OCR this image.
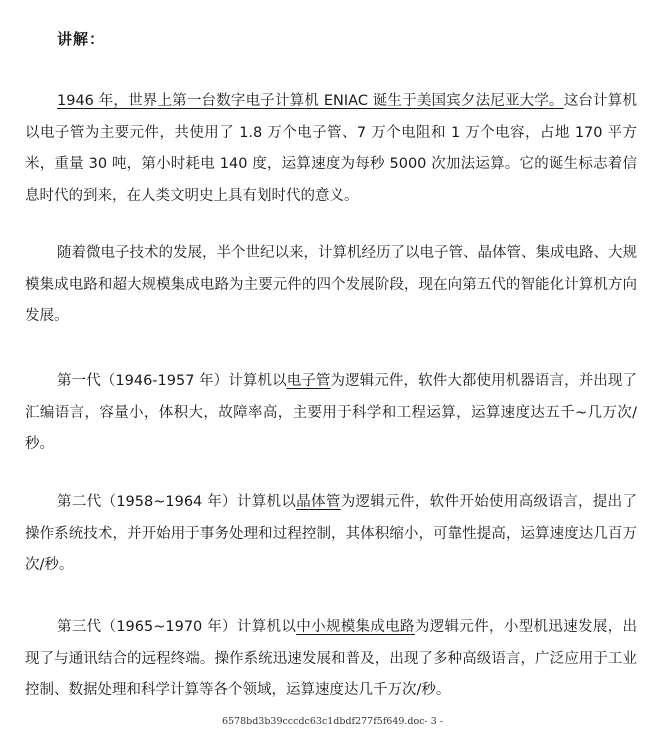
讲解：

1946 年，世界上第一台数字电子计算机 ENIAC 诞生于美国宾夕法尼亚大学。这台计算机以电子管为主要元件，共使用了 1.8 万个电子管、7 万个电阻和 1 万个电容，占地 170 平方米，重量 30 吨，第小时耗电 140 度，运算速度为每秒 5000 次加法运算。它的诞生标志着信息时代的到来，在人类文明史上具有划时代的意义。

随着微电子技术的发展，半个世纪以来，计算机经历了以电子管、晶体管、集成电路、大规模集成电路和超大规模集成电路为主要元件的四个发展阶段，现在向第五代的智能化计算机方向发展。

第一代（1946-1957 年）计算机以电子管为逻辑元件，软件大都使用机器语言，并出现了汇编语言，容量小，体积大，故障率高，主要用于科学和工程运算，运算速度达五千~几万次/秒。

第二代（1958~1964 年）计算机以晶体管为逻辑元件，软件开始使用高级语言，提出了操作系统技术，并开始用于事务处理和过程控制，其体积缩小，可靠性提高，运算速度达几百万次/秒。

第三代（1965~1970 年）计算机以中小规模集成电路为逻辑元件，小型机迅速发展，出现了与通讯结合的远程终端。操作系统迅速发展和普及，出现了多种高级语言，广泛应用于工业控制、数据处理和科学计算等各个领域，运算速度达几千万次/秒。

6578bd3b39cccdc63c1dbdf277f5f649.doc- 3 -
